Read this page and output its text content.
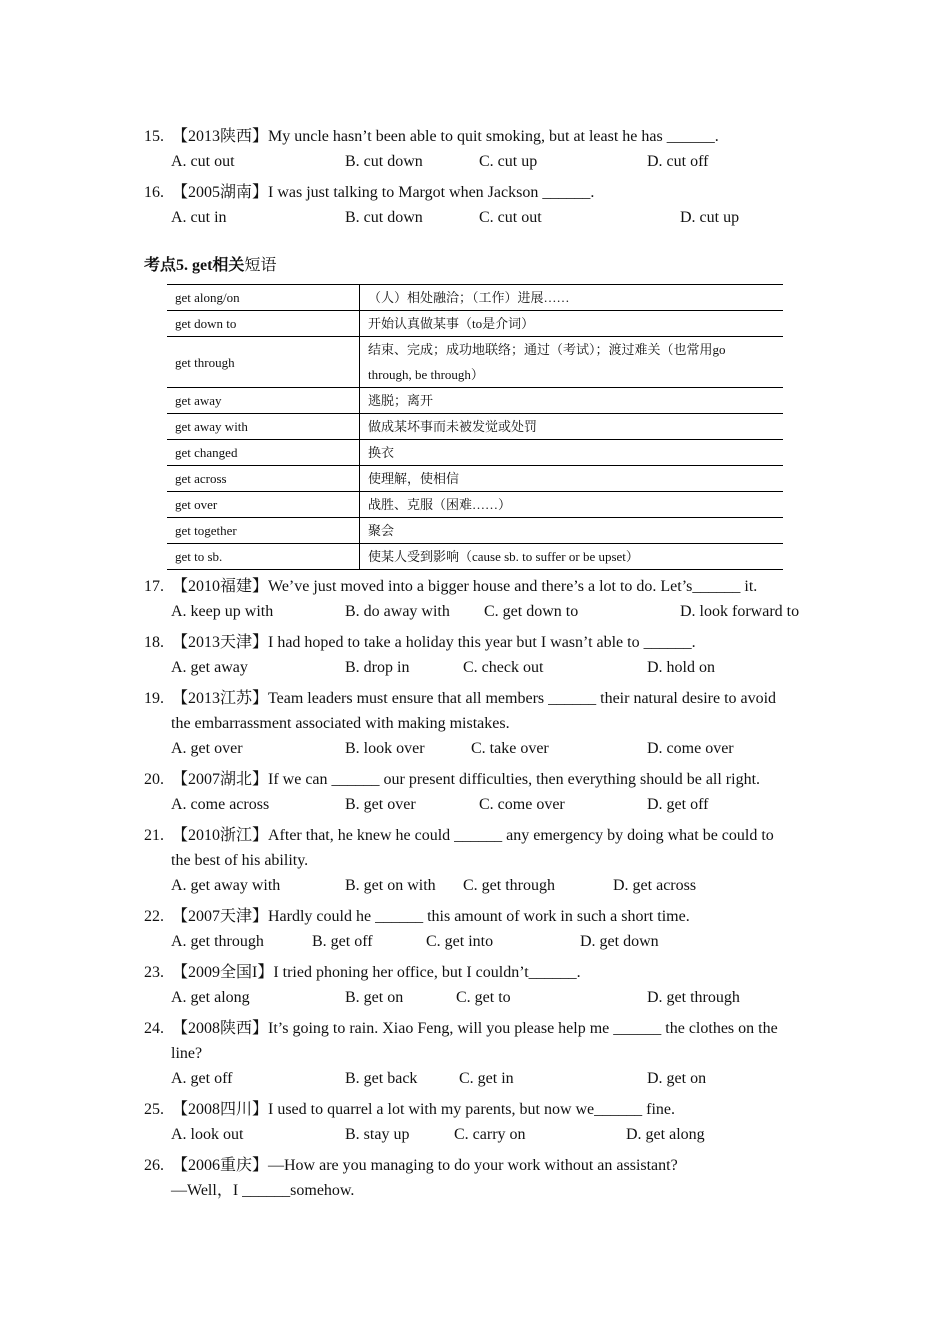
15. 【2013陕西】My uncle hasn’t been able to quit smoking, but at least he has ______.
A. cut out	B. cut down	C. cut up	D. cut off
16. 【2005湖南】I was just talking to Margot when Jackson ______.
A. cut in	B. cut down	C. cut out	D. cut up
考点5. get相关短语
get along/on	（人）相处融洽；（工作）进展……
get down to	开始认真做某事（to是介词）
get through	结束、完成；成功地联络；通过（考试）；渡过难关（也常用go
through, be through）

get away	逃脱；离开
get away with	做成某坏事而未被发觉或处罚
get changed	换衣
get across	使理解，使相信
get over	战胜、克服（困难……）
get together	聚会
get to sb.	使某人受到影响（cause sb. to suffer or be upset）
17. 【2010福建】We’ve just moved into a bigger house and there’s a lot to do. Let’s______ it.
A. keep up with	B. do away with C. get down to	D. look forward to
18. 【2013天津】I had hoped to take a holiday this year but I wasn’t able to ______.
A. get away	B. drop in	C. check out	D. hold on
19. 【2013江苏】Team leaders must ensure that all members ______ their natural desire to avoid
the embarrassment associated with making mistakes.
A. get over	B. look over	C. take over	D. come over
20. 【2007湖北】If we can ______ our present difficulties, then everything should be all right.
A. come across	B. get over	C. come over	D. get off
21. 【2010浙江】After that, he knew he could ______ any emergency by doing what be could to
the best of his ability.
A. get away with	B. get on with C. get through	D. get across
22. 【2007天津】Hardly could he ______ this amount of work in such a short time.
A. get through	B. get off	C. get into	D. get down
23. 【2009全国I】I tried phoning her office, but I couldn’t______.
A. get along	B. get on	C. get to	D. get through
24. 【2008陕西】It’s going to rain. Xiao Feng, will you please help me ______ the clothes on the
line?
A. get off	B. get back	C. get in	D. get on
25. 【2008四川】I used to quarrel a lot with my parents, but now we______ fine.
A. look out	B. stay up	C. carry on	D. get along
26. 【2006重庆】—How are you managing to do your work without an assistant?
—Well，I ______somehow.
